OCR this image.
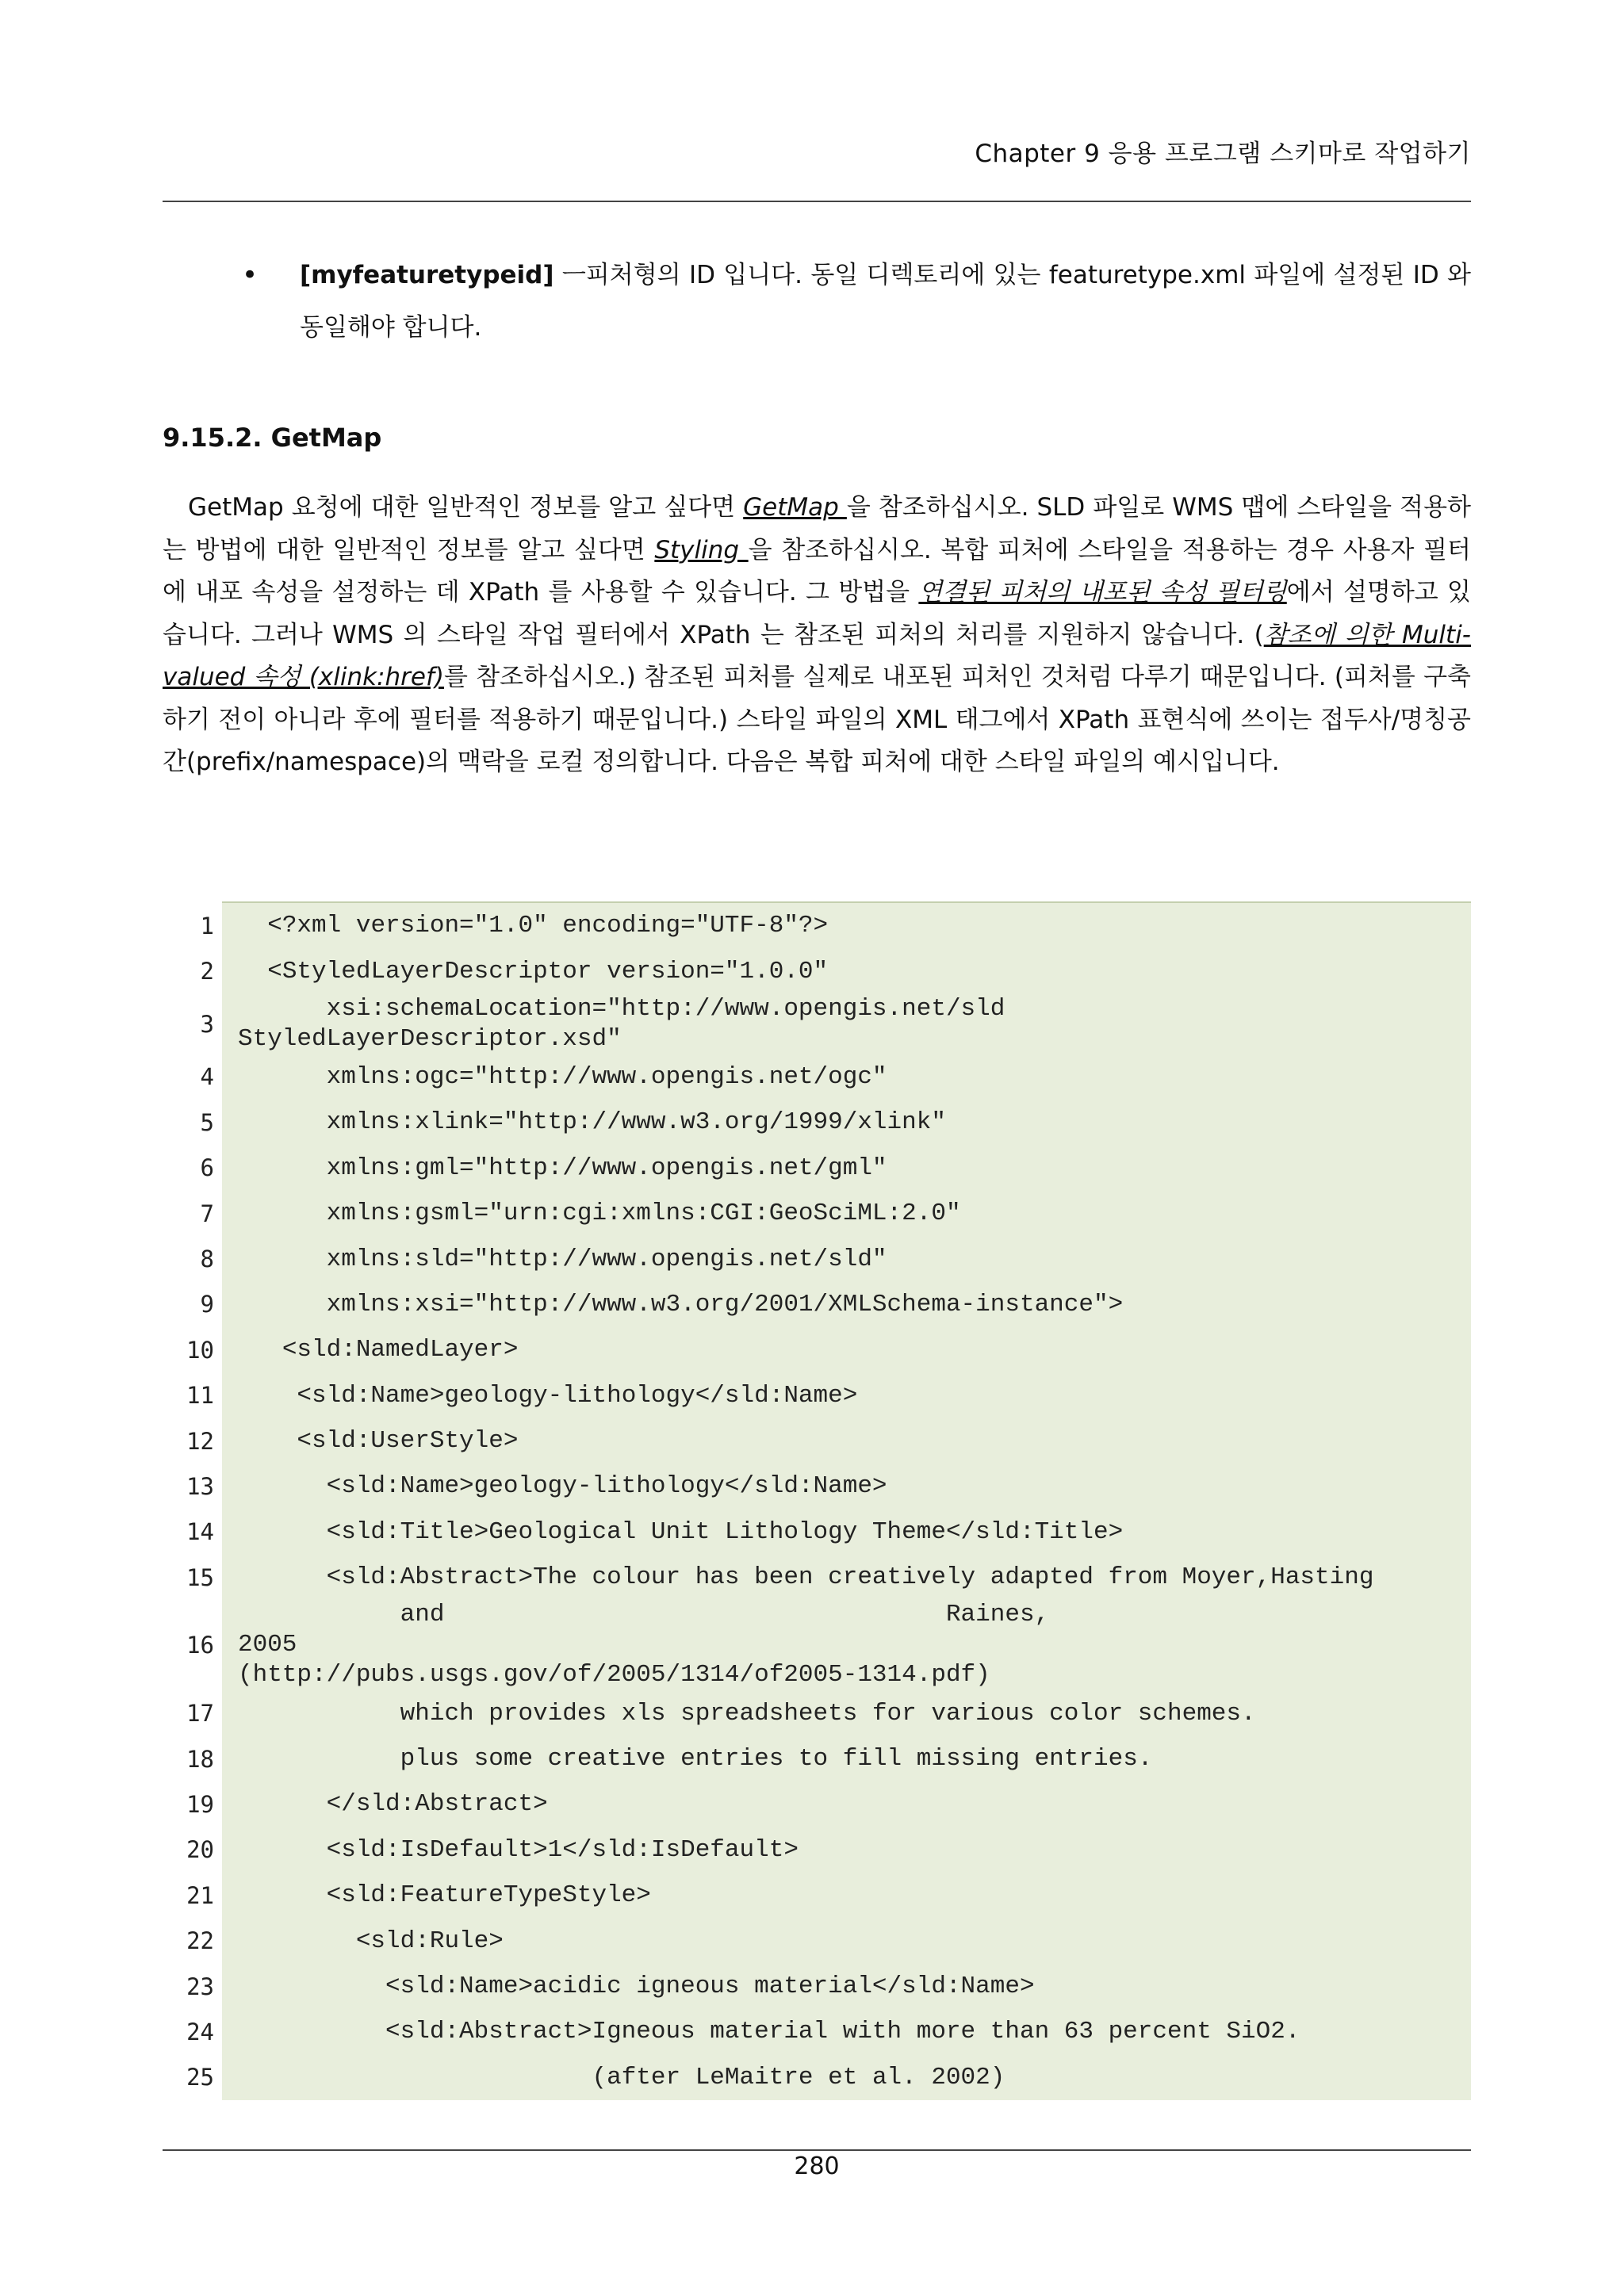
Chapter 9 응용 프로그램 스키마로 작업하기
• [myfeaturetypeid] ㅡ피처형의 ID 입니다. 동일 디렉토리에 있는 featuretype.xml 파일에 설정된 ID 와 동일해야 합니다.
9.15.2. GetMap
GetMap 요청에 대한 일반적인 정보를 알고 싶다면 GetMap 을 참조하십시오. SLD 파일로 WMS 맵에 스타일을 적용하는 방법에 대한 일반적인 정보를 알고 싶다면 Styling 을 참조하십시오. 복합 피처에 스타일을 적용하는 경우 사용자 필터에 내포 속성을 설정하는 데 XPath 를 사용할 수 있습니다. 그 방법을 연결된 피처의 내포된 속성 필터링에서 설명하고 있습니다. 그러나 WMS 의 스타일 작업 필터에서 XPath 는 참조된 피처의 처리를 지원하지 않습니다. (참조에 의한 Multi-valued 속성 (xlink:href)를 참조하십시오.) 참조된 피처를 실제로 내포된 피처인 것처럼 다루기 때문입니다. (피처를 구축하기 전이 아니라 후에 필터를 적용하기 때문입니다.) 스타일 파일의 XML 태그에서 XPath 표현식에 쓰이는 접두사/명칭공간(prefix/namespace)의 맥락을 로컬 정의합니다. 다음은 복합 피처에 대한 스타일 파일의 예시입니다.
1 <?xml version="1.0" encoding="UTF-8"?>
2 <StyledLayerDescriptor version="1.0.0"
3
xsi:schemaLocation="http://www.opengis.net/sld
StyledLayerDescriptor.xsd"
4 xmlns:ogc="http://www.opengis.net/ogc"
5 xmlns:xlink="http://www.w3.org/1999/xlink"
6 xmlns:gml="http://www.opengis.net/gml"
7 xmlns:gsml="urn:cgi:xmlns:CGI:GeoSciML:2.0"
8 xmlns:sld="http://www.opengis.net/sld"
9 xmlns:xsi="http://www.w3.org/2001/XMLSchema-instance">
10 <sld:NamedLayer>
11 <sld:Name>geology-lithology</sld:Name>
12 <sld:UserStyle>
13 <sld:Name>geology-lithology</sld:Name>
14 <sld:Title>Geological Unit Lithology Theme</sld:Title>
15 <sld:Abstract>The colour has been creatively adapted from Moyer,Hasting
16
and                                  Raines,                               2005
(http://pubs.usgs.gov/of/2005/1314/of2005-1314.pdf)
17 which provides xls spreadsheets for various color schemes.
18 plus some creative entries to fill missing entries.
19 </sld:Abstract>
20 <sld:IsDefault>1</sld:IsDefault>
21 <sld:FeatureTypeStyle>
22 <sld:Rule>
23 <sld:Name>acidic igneous material</sld:Name>
24 <sld:Abstract>Igneous material with more than 63 percent SiO2.
25 (after LeMaitre et al. 2002)
280
